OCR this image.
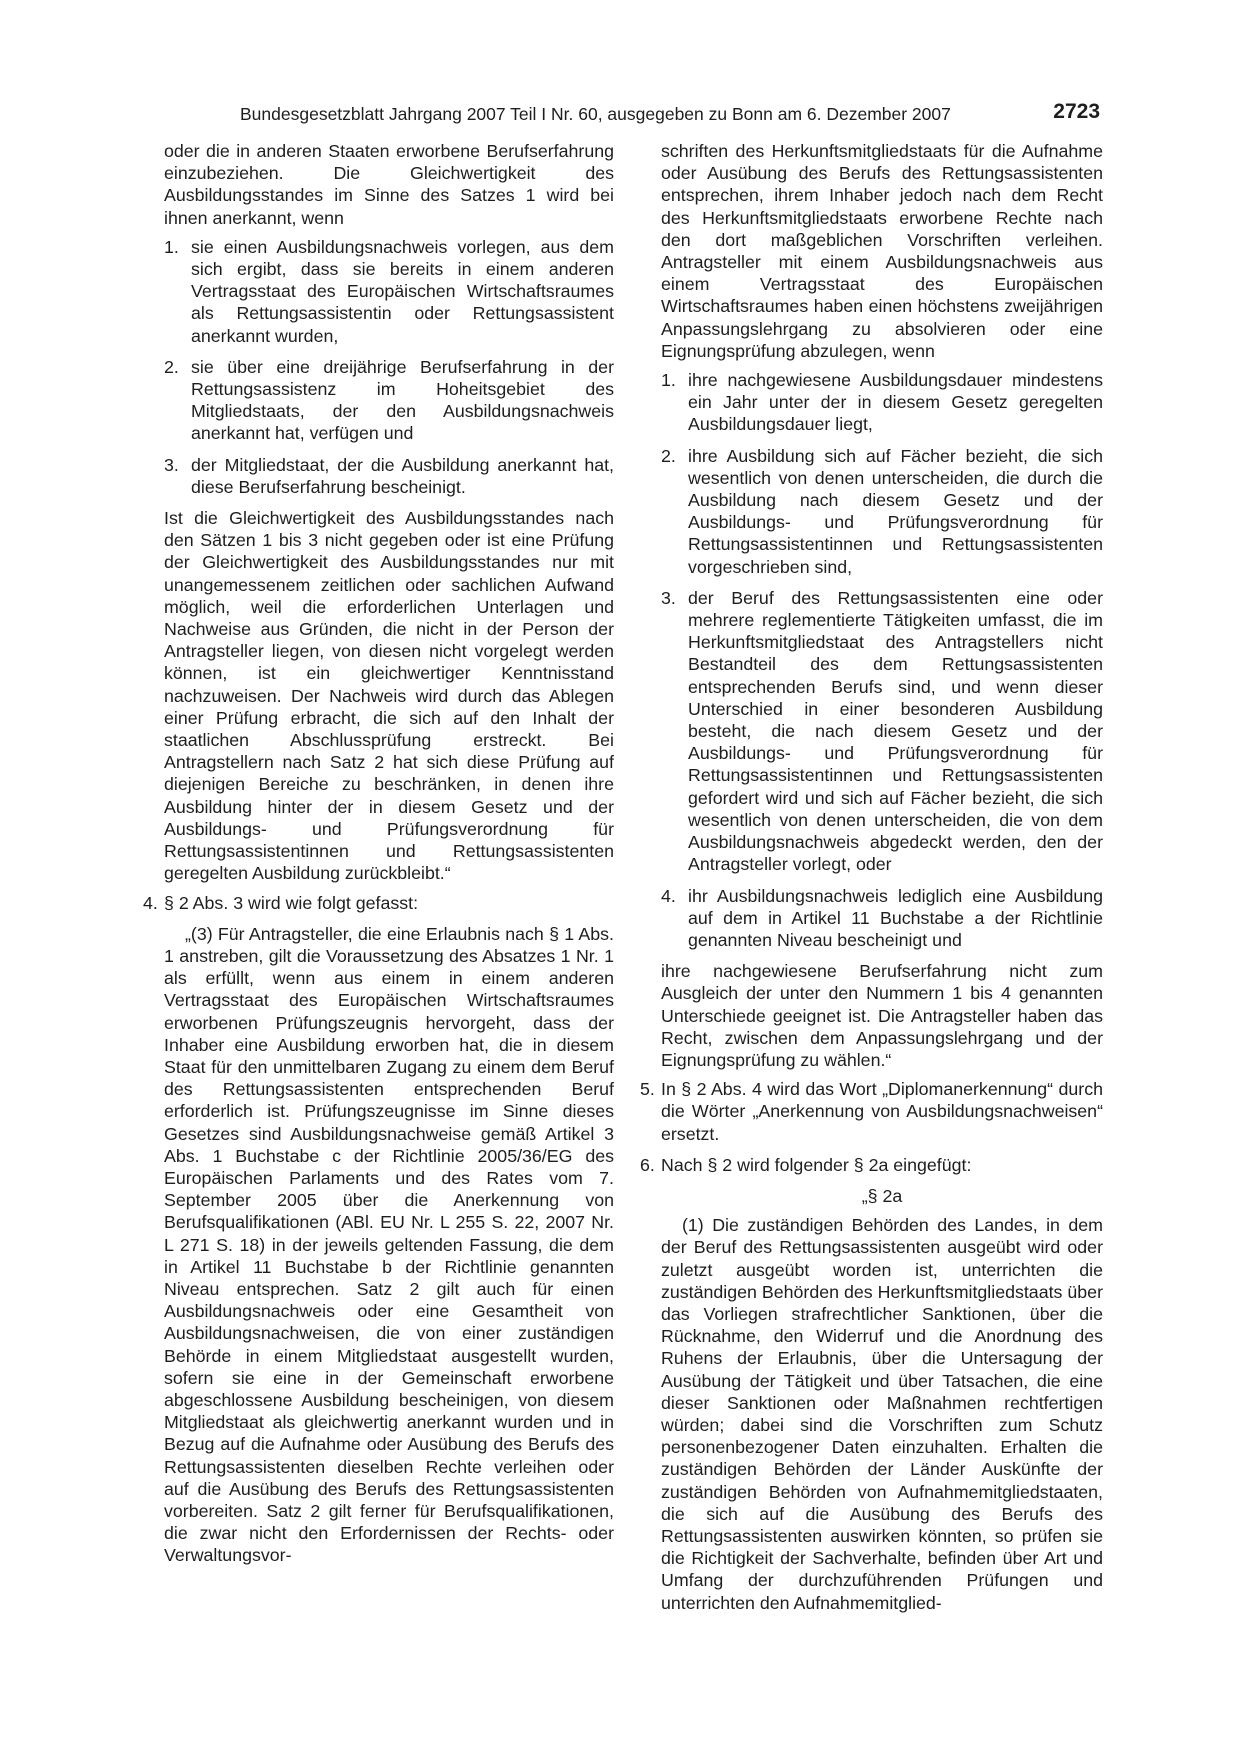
Bundesgesetzblatt Jahrgang 2007 Teil I Nr. 60, ausgegeben zu Bonn am 6. Dezember 2007	2723

oder die in anderen Staaten erworbene Berufserfahrung einzubeziehen. Die Gleichwertigkeit des Ausbildungsstandes im Sinne des Satzes 1 wird bei ihnen anerkannt, wenn

1. sie einen Ausbildungsnachweis vorlegen, aus dem sich ergibt, dass sie bereits in einem anderen Vertragsstaat des Europäischen Wirtschaftsraumes als Rettungsassistentin oder Rettungsassistent anerkannt wurden,
2. sie über eine dreijährige Berufserfahrung in der Rettungsassistenz im Hoheitsgebiet des Mitgliedstaats, der den Ausbildungsnachweis anerkannt hat, verfügen und
3. der Mitgliedstaat, der die Ausbildung anerkannt hat, diese Berufserfahrung bescheinigt.

Ist die Gleichwertigkeit des Ausbildungsstandes nach den Sätzen 1 bis 3 nicht gegeben oder ist eine Prüfung der Gleichwertigkeit des Ausbildungsstandes nur mit unangemessenem zeitlichen oder sachlichen Aufwand möglich, weil die erforderlichen Unterlagen und Nachweise aus Gründen, die nicht in der Person der Antragsteller liegen, von diesen nicht vorgelegt werden können, ist ein gleichwertiger Kenntnisstand nachzuweisen. Der Nachweis wird durch das Ablegen einer Prüfung erbracht, die sich auf den Inhalt der staatlichen Abschlussprüfung erstreckt. Bei Antragstellern nach Satz 2 hat sich diese Prüfung auf diejenigen Bereiche zu beschränken, in denen ihre Ausbildung hinter der in diesem Gesetz und der Ausbildungs- und Prüfungsverordnung für Rettungsassistentinnen und Rettungsassistenten geregelten Ausbildung zurückbleibt.“

4. § 2 Abs. 3 wird wie folgt gefasst:

„(3) Für Antragsteller, die eine Erlaubnis nach § 1 Abs. 1 anstreben, gilt die Voraussetzung des Absatzes 1 Nr. 1 als erfüllt, wenn aus einem in einem anderen Vertragsstaat des Europäischen Wirtschaftsraumes erworbenen Prüfungszeugnis hervorgeht, dass der Inhaber eine Ausbildung erworben hat, die in diesem Staat für den unmittelbaren Zugang zu einem dem Beruf des Rettungsassistenten entsprechenden Beruf erforderlich ist. Prüfungszeugnisse im Sinne dieses Gesetzes sind Ausbildungsnachweise gemäß Artikel 3 Abs. 1 Buchstabe c der Richtlinie 2005/36/EG des Europäischen Parlaments und des Rates vom 7. September 2005 über die Anerkennung von Berufsqualifikationen (ABl. EU Nr. L 255 S. 22, 2007 Nr. L 271 S. 18) in der jeweils geltenden Fassung, die dem in Artikel 11 Buchstabe b der Richtlinie genannten Niveau entsprechen. Satz 2 gilt auch für einen Ausbildungsnachweis oder eine Gesamtheit von Ausbildungsnachweisen, die von einer zuständigen Behörde in einem Mitgliedstaat ausgestellt wurden, sofern sie eine in der Gemeinschaft erworbene abgeschlossene Ausbildung bescheinigen, von diesem Mitgliedstaat als gleichwertig anerkannt wurden und in Bezug auf die Aufnahme oder Ausübung des Berufs des Rettungsassistenten dieselben Rechte verleihen oder auf die Ausübung des Berufs des Rettungsassistenten vorbereiten. Satz 2 gilt ferner für Berufsqualifikationen, die zwar nicht den Erfordernissen der Rechts- oder Verwaltungsvor-

schriften des Herkunftsmitgliedstaats für die Aufnahme oder Ausübung des Berufs des Rettungsassistenten entsprechen, ihrem Inhaber jedoch nach dem Recht des Herkunftsmitgliedstaats erworbene Rechte nach den dort maßgeblichen Vorschriften verleihen. Antragsteller mit einem Ausbildungsnachweis aus einem Vertragsstaat des Europäischen Wirtschaftsraumes haben einen höchstens zweijährigen Anpassungslehrgang zu absolvieren oder eine Eignungsprüfung abzulegen, wenn

1. ihre nachgewiesene Ausbildungsdauer mindestens ein Jahr unter der in diesem Gesetz geregelten Ausbildungsdauer liegt,
2. ihre Ausbildung sich auf Fächer bezieht, die sich wesentlich von denen unterscheiden, die durch die Ausbildung nach diesem Gesetz und der Ausbildungs- und Prüfungsverordnung für Rettungsassistentinnen und Rettungsassistenten vorgeschrieben sind,
3. der Beruf des Rettungsassistenten eine oder mehrere reglementierte Tätigkeiten umfasst, die im Herkunftsmitgliedstaat des Antragstellers nicht Bestandteil des dem Rettungsassistenten entsprechenden Berufs sind, und wenn dieser Unterschied in einer besonderen Ausbildung besteht, die nach diesem Gesetz und der Ausbildungs- und Prüfungsverordnung für Rettungsassistentinnen und Rettungsassistenten gefordert wird und sich auf Fächer bezieht, die sich wesentlich von denen unterscheiden, die von dem Ausbildungsnachweis abgedeckt werden, den der Antragsteller vorlegt, oder
4. ihr Ausbildungsnachweis lediglich eine Ausbildung auf dem in Artikel 11 Buchstabe a der Richtlinie genannten Niveau bescheinigt und

ihre nachgewiesene Berufserfahrung nicht zum Ausgleich der unter den Nummern 1 bis 4 genannten Unterschiede geeignet ist. Die Antragsteller haben das Recht, zwischen dem Anpassungslehrgang und der Eignungsprüfung zu wählen.“

5. In § 2 Abs. 4 wird das Wort „Diplomanerkennung“ durch die Wörter „Anerkennung von Ausbildungsnachweisen“ ersetzt.
6. Nach § 2 wird folgender § 2a eingefügt:

„§ 2a

(1) Die zuständigen Behörden des Landes, in dem der Beruf des Rettungsassistenten ausgeübt wird oder zuletzt ausgeübt worden ist, unterrichten die zuständigen Behörden des Herkunftsmitgliedstaats über das Vorliegen strafrechtlicher Sanktionen, über die Rücknahme, den Widerruf und die Anordnung des Ruhens der Erlaubnis, über die Untersagung der Ausübung der Tätigkeit und über Tatsachen, die eine dieser Sanktionen oder Maßnahmen rechtfertigen würden; dabei sind die Vorschriften zum Schutz personenbezogener Daten einzuhalten. Erhalten die zuständigen Behörden der Länder Auskünfte der zuständigen Behörden von Aufnahmemitgliedstaaten, die sich auf die Ausübung des Berufs des Rettungsassistenten auswirken könnten, so prüfen sie die Richtigkeit der Sachverhalte, befinden über Art und Umfang der durchzuführenden Prüfungen und unterrichten den Aufnahmemitglied-
